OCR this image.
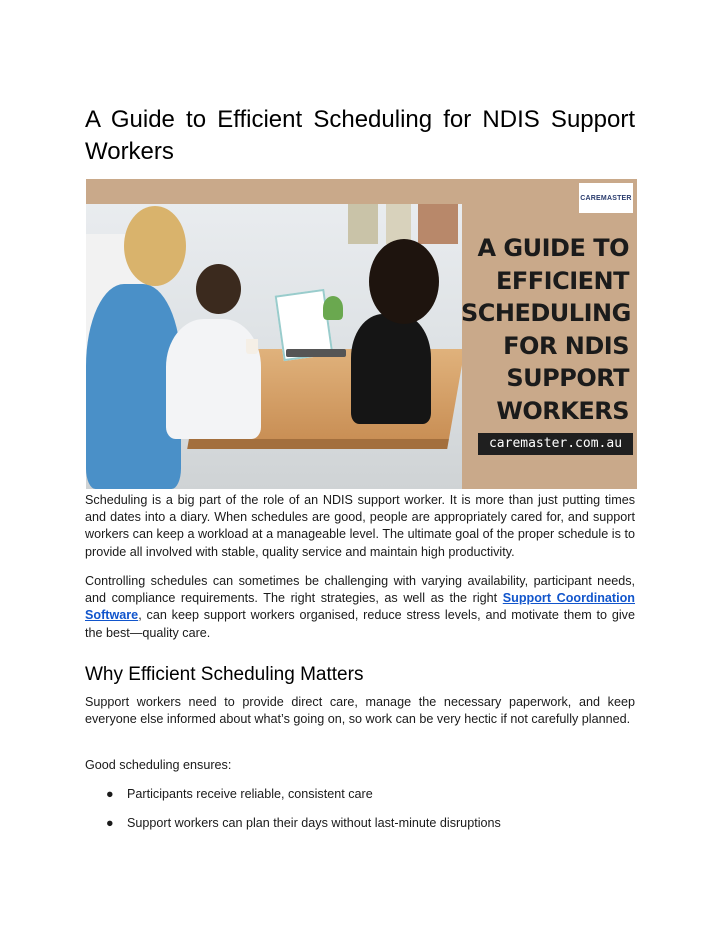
A Guide to Efficient Scheduling for NDIS Support Workers
CAREMASTER
A GUIDE TO
EFFICIENT
SCHEDULING
FOR NDIS
SUPPORT
WORKERS
caremaster.com.au

Scheduling is a big part of the role of an NDIS support worker. It is more than just putting times and dates into a diary. When schedules are good, people are appropriately cared for, and support workers can keep a workload at a manageable level. The ultimate goal of the proper schedule is to provide all involved with stable, quality service and maintain high productivity.

Controlling schedules can sometimes be challenging with varying availability, participant needs, and compliance requirements. The right strategies, as well as the right Support Coordination Software, can keep support workers organised, reduce stress levels, and motivate them to give the best—quality care.

Why Efficient Scheduling Matters

Support workers need to provide direct care, manage the necessary paperwork, and keep everyone else informed about what’s going on, so work can be very hectic if not carefully planned.

Good scheduling ensures:

● Participants receive reliable, consistent care
● Support workers can plan their days without last-minute disruptions
